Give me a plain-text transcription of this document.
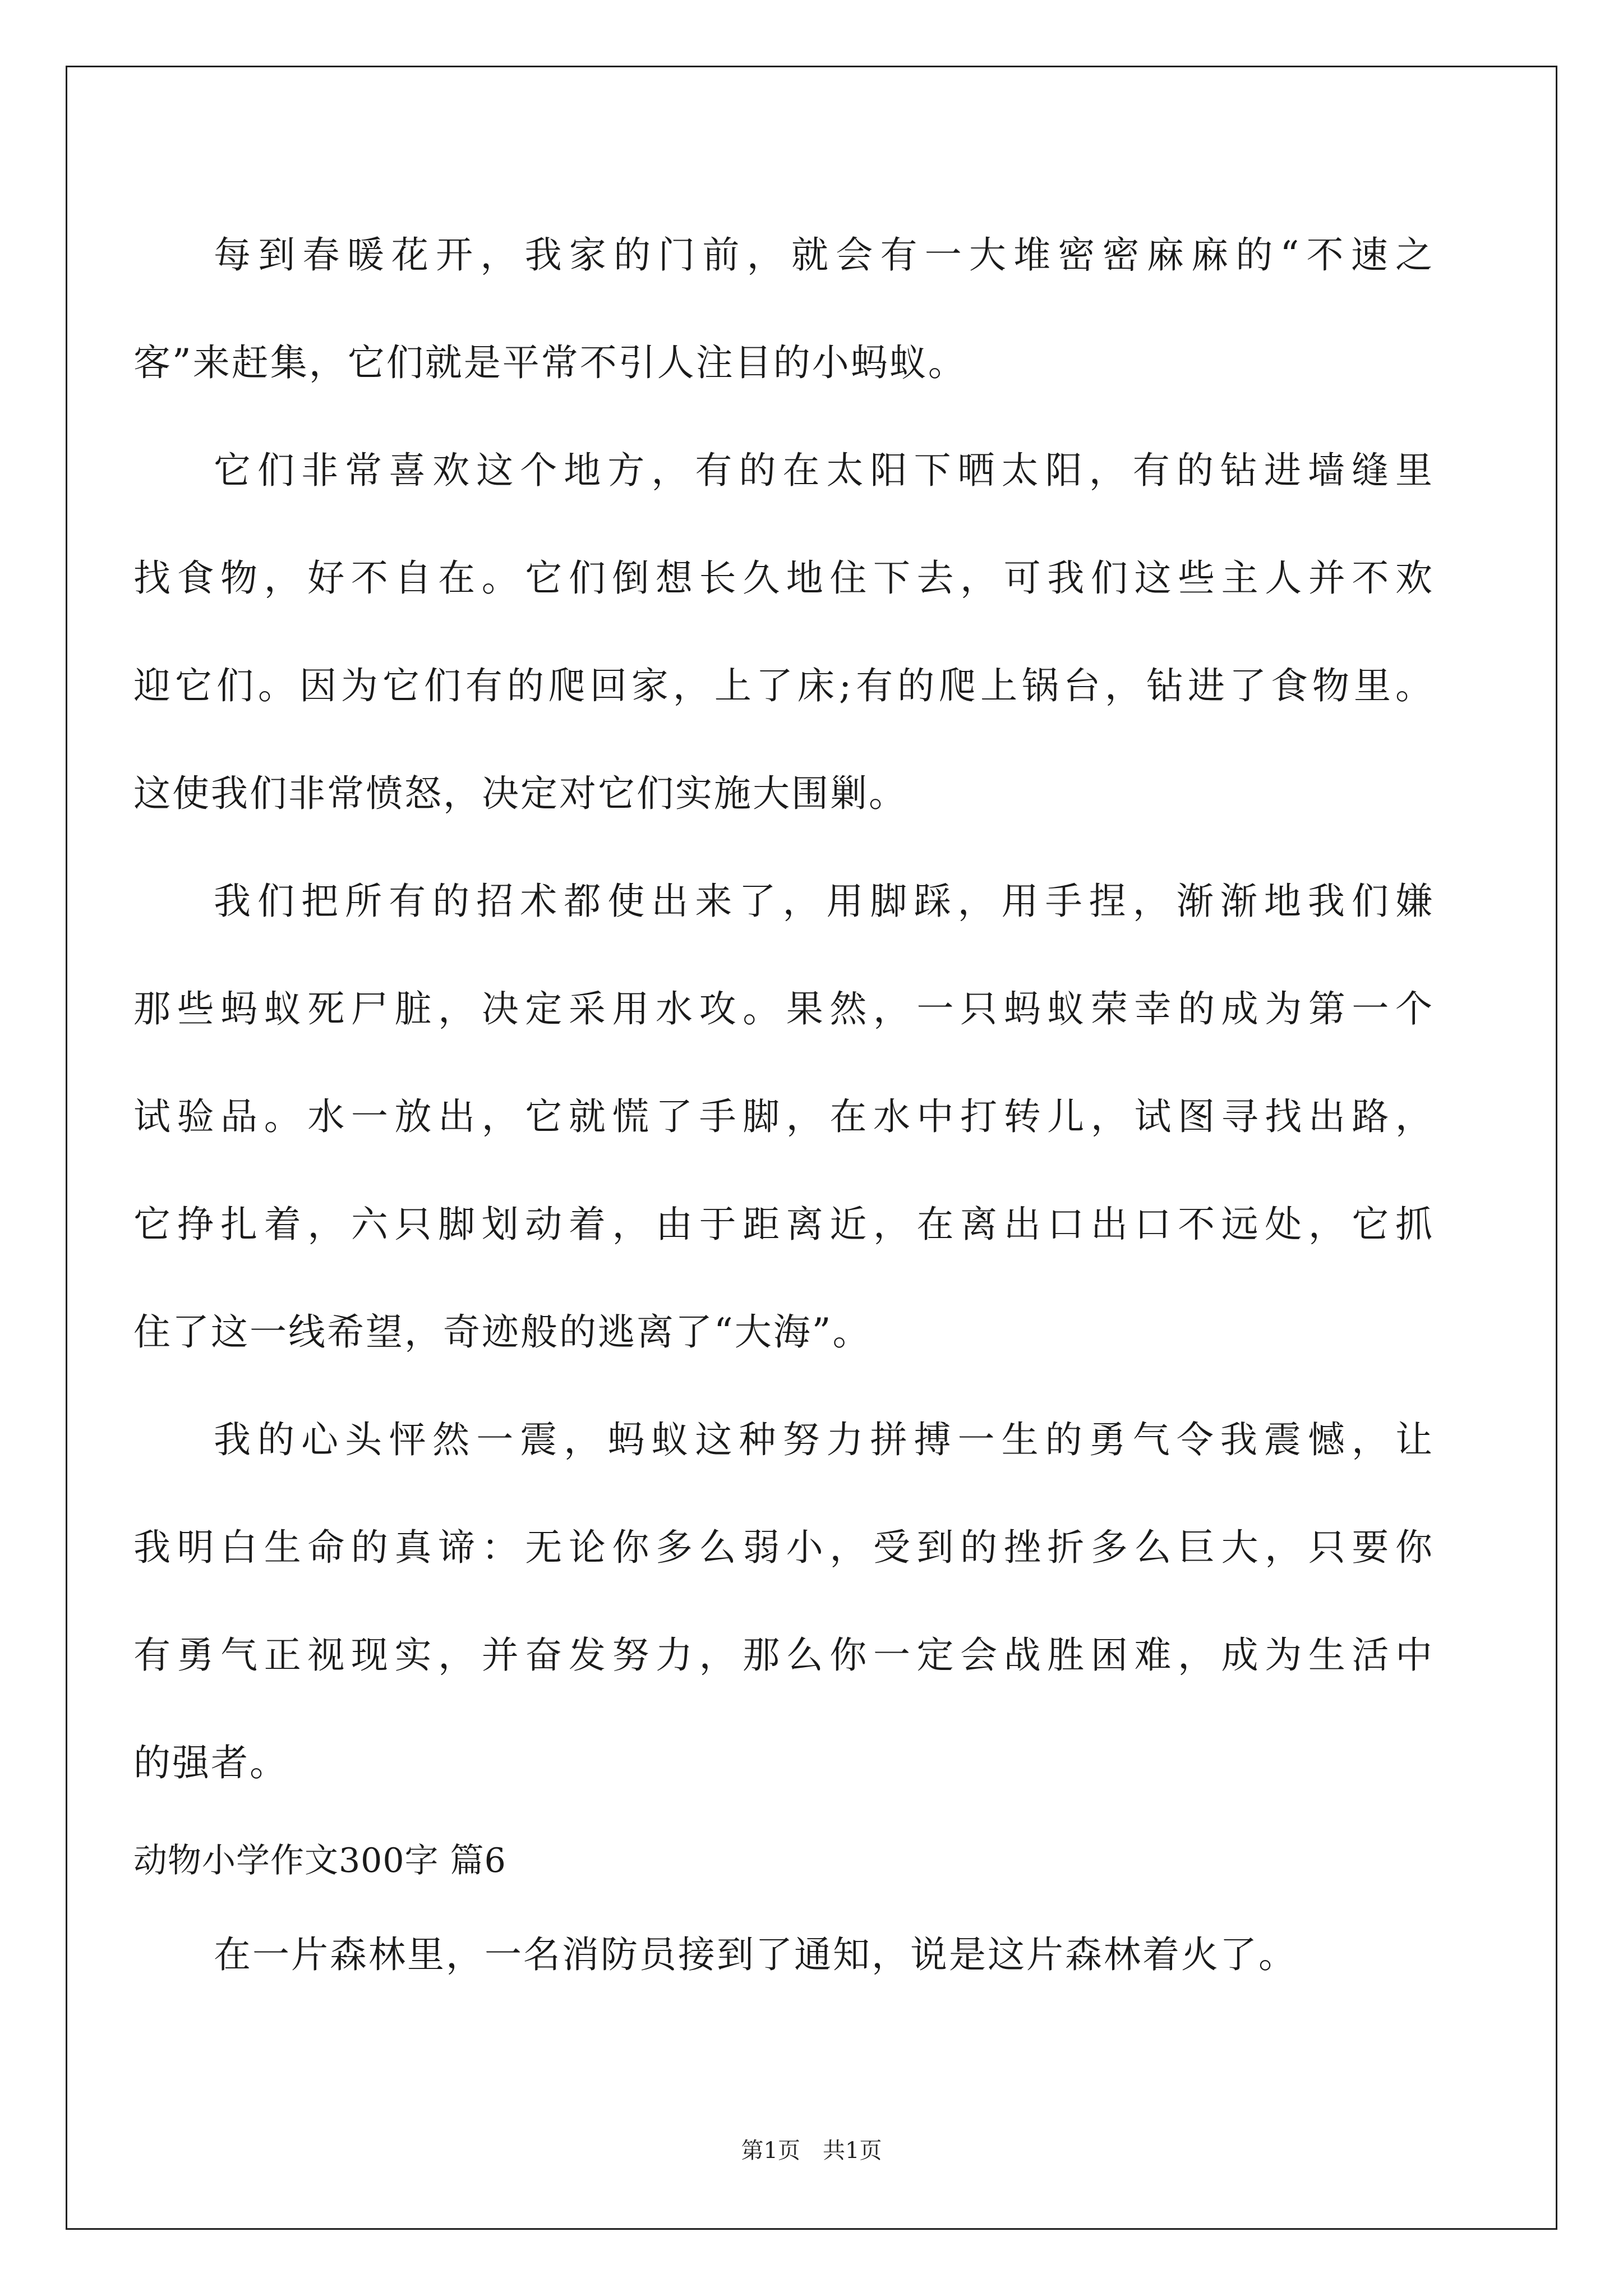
每到春暖花开，我家的门前，就会有一大堆密密麻麻的“不速之
客”来赶集，它们就是平常不引人注目的小蚂蚁。
它们非常喜欢这个地方，有的在太阳下晒太阳，有的钻进墙缝里
找食物，好不自在。它们倒想长久地住下去，可我们这些主人并不欢
迎它们。因为它们有的爬回家，上了床;有的爬上锅台，钻进了食物里。
这使我们非常愤怒，决定对它们实施大围剿。
我们把所有的招术都使出来了，用脚踩，用手捏，渐渐地我们嫌
那些蚂蚁死尸脏，决定采用水攻。果然，一只蚂蚁荣幸的成为第一个
试验品。水一放出，它就慌了手脚，在水中打转儿，试图寻找出路，
它挣扎着，六只脚划动着，由于距离近，在离出口出口不远处，它抓
住了这一线希望，奇迹般的逃离了“大海”。
我的心头怦然一震，蚂蚁这种努力拼搏一生的勇气令我震憾，让
我明白生命的真谛：无论你多么弱小，受到的挫折多么巨大，只要你
有勇气正视现实，并奋发努力，那么你一定会战胜困难，成为生活中
的强者。
动物小学作文300字 篇6
在一片森林里，一名消防员接到了通知，说是这片森林着火了。
第1页 共1页
